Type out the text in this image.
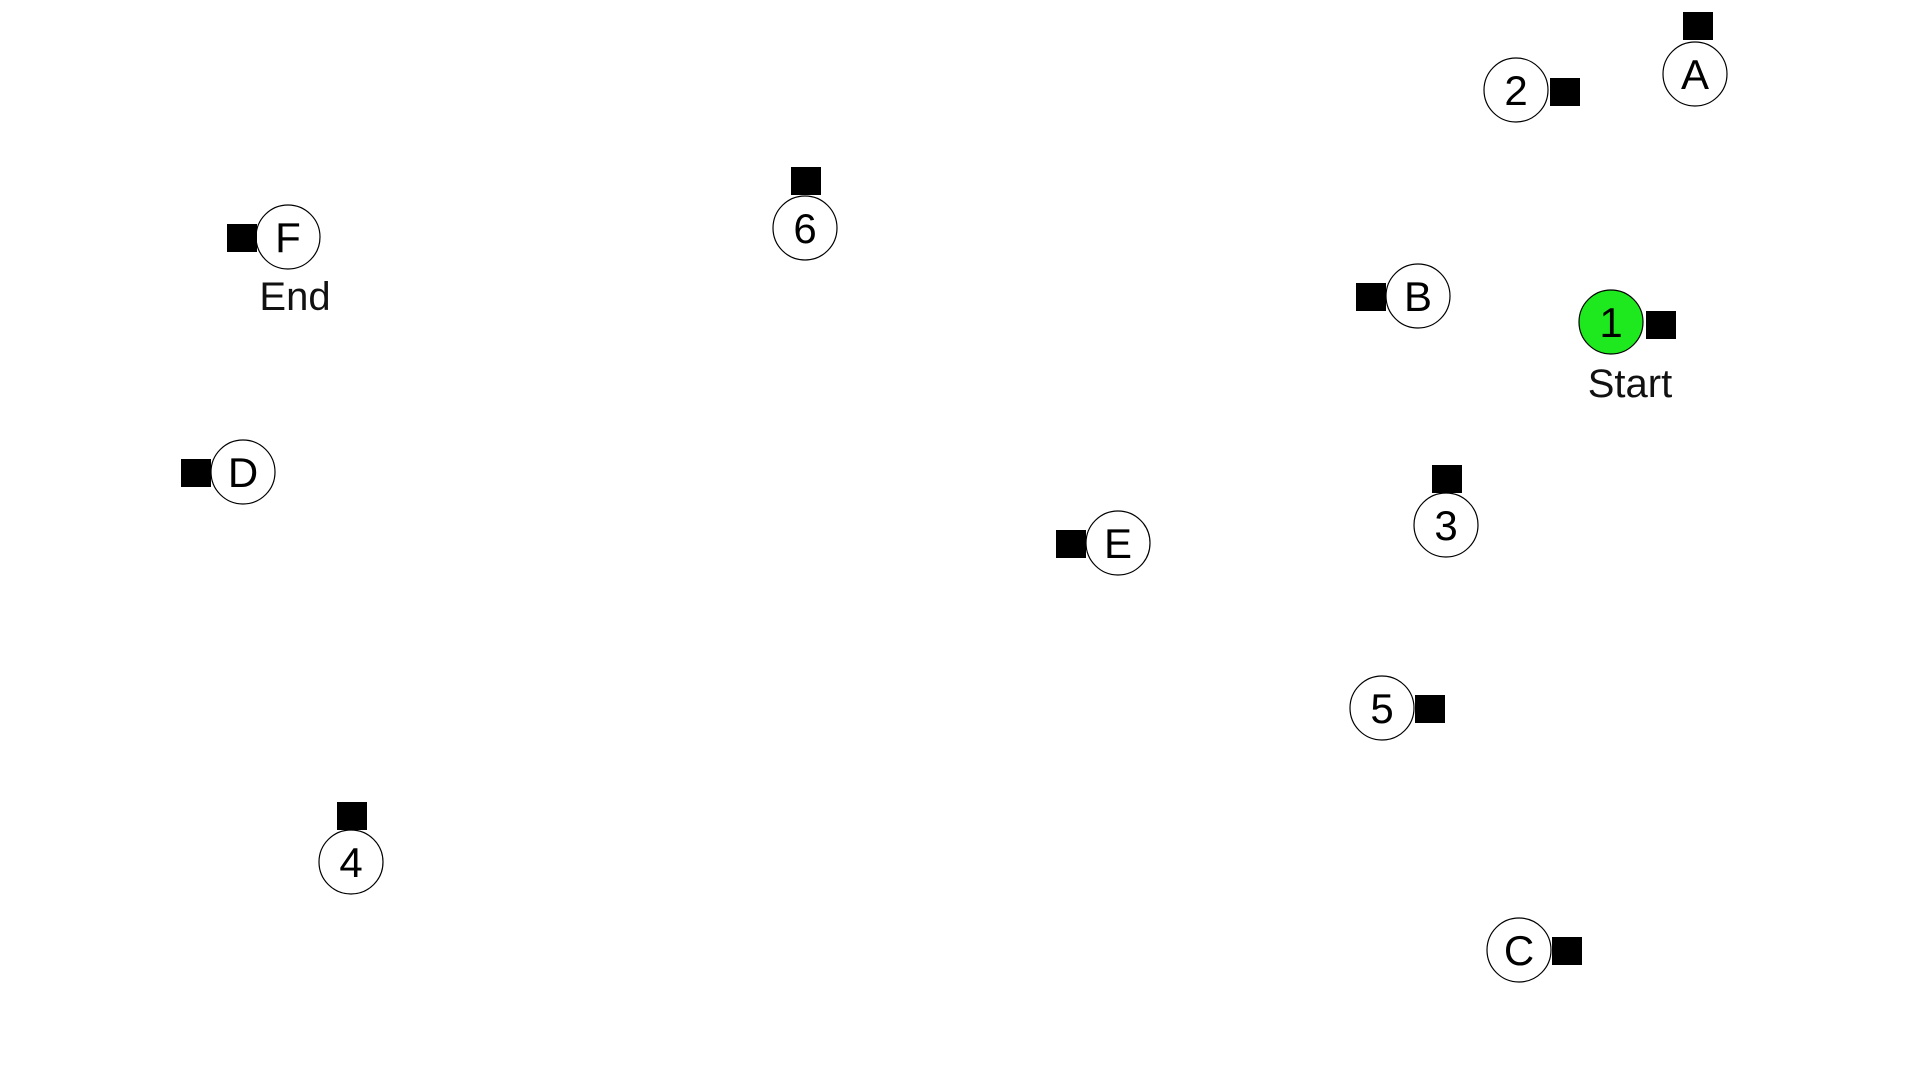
1
Start
A
2
B
3
C
4
D
5
E
6
F
End
